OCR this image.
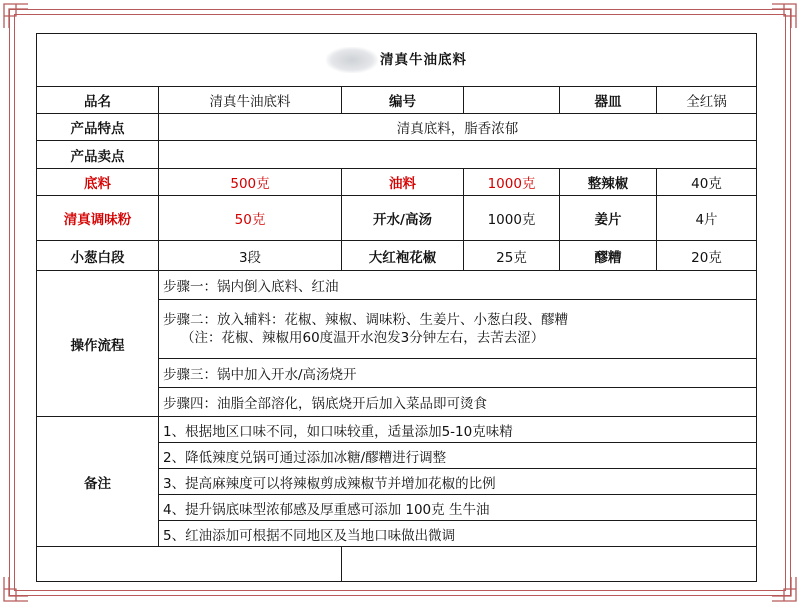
清真牛油底料					
品名	清真牛油底料	编号		器皿	全红锅
产品特点	清真底料，脂香浓郁				
产品卖点					
底料	500克	油料	1000克	整辣椒	40克
清真调味粉	50克	开水/高汤	1000克	姜片	4片
小葱白段	3段	大红袍花椒	25克	醪糟	20克
操作流程	步骤一：锅内倒入底料、红油				

	步骤二：放入辅料：花椒、辣椒、调味粉、生姜片、小葱白段、醪糟
（注：花椒、辣椒用60度温开水泡发3分钟左右，去苦去涩）				

	步骤三：锅中加入开水/高汤烧开				
	步骤四：油脂全部溶化，锅底烧开后加入菜品即可烫食				
备注	1、根据地区口味不同，如口味较重，适量添加5-10克味精				
	2、降低辣度兑锅可通过添加冰糖/醪糟进行调整				
	3、提高麻辣度可以将辣椒剪成辣椒节并增加花椒的比例				
	4、提升锅底味型浓郁感及厚重感可添加 100克 生牛油				
	5、红油添加可根据不同地区及当地口味做出微调				
